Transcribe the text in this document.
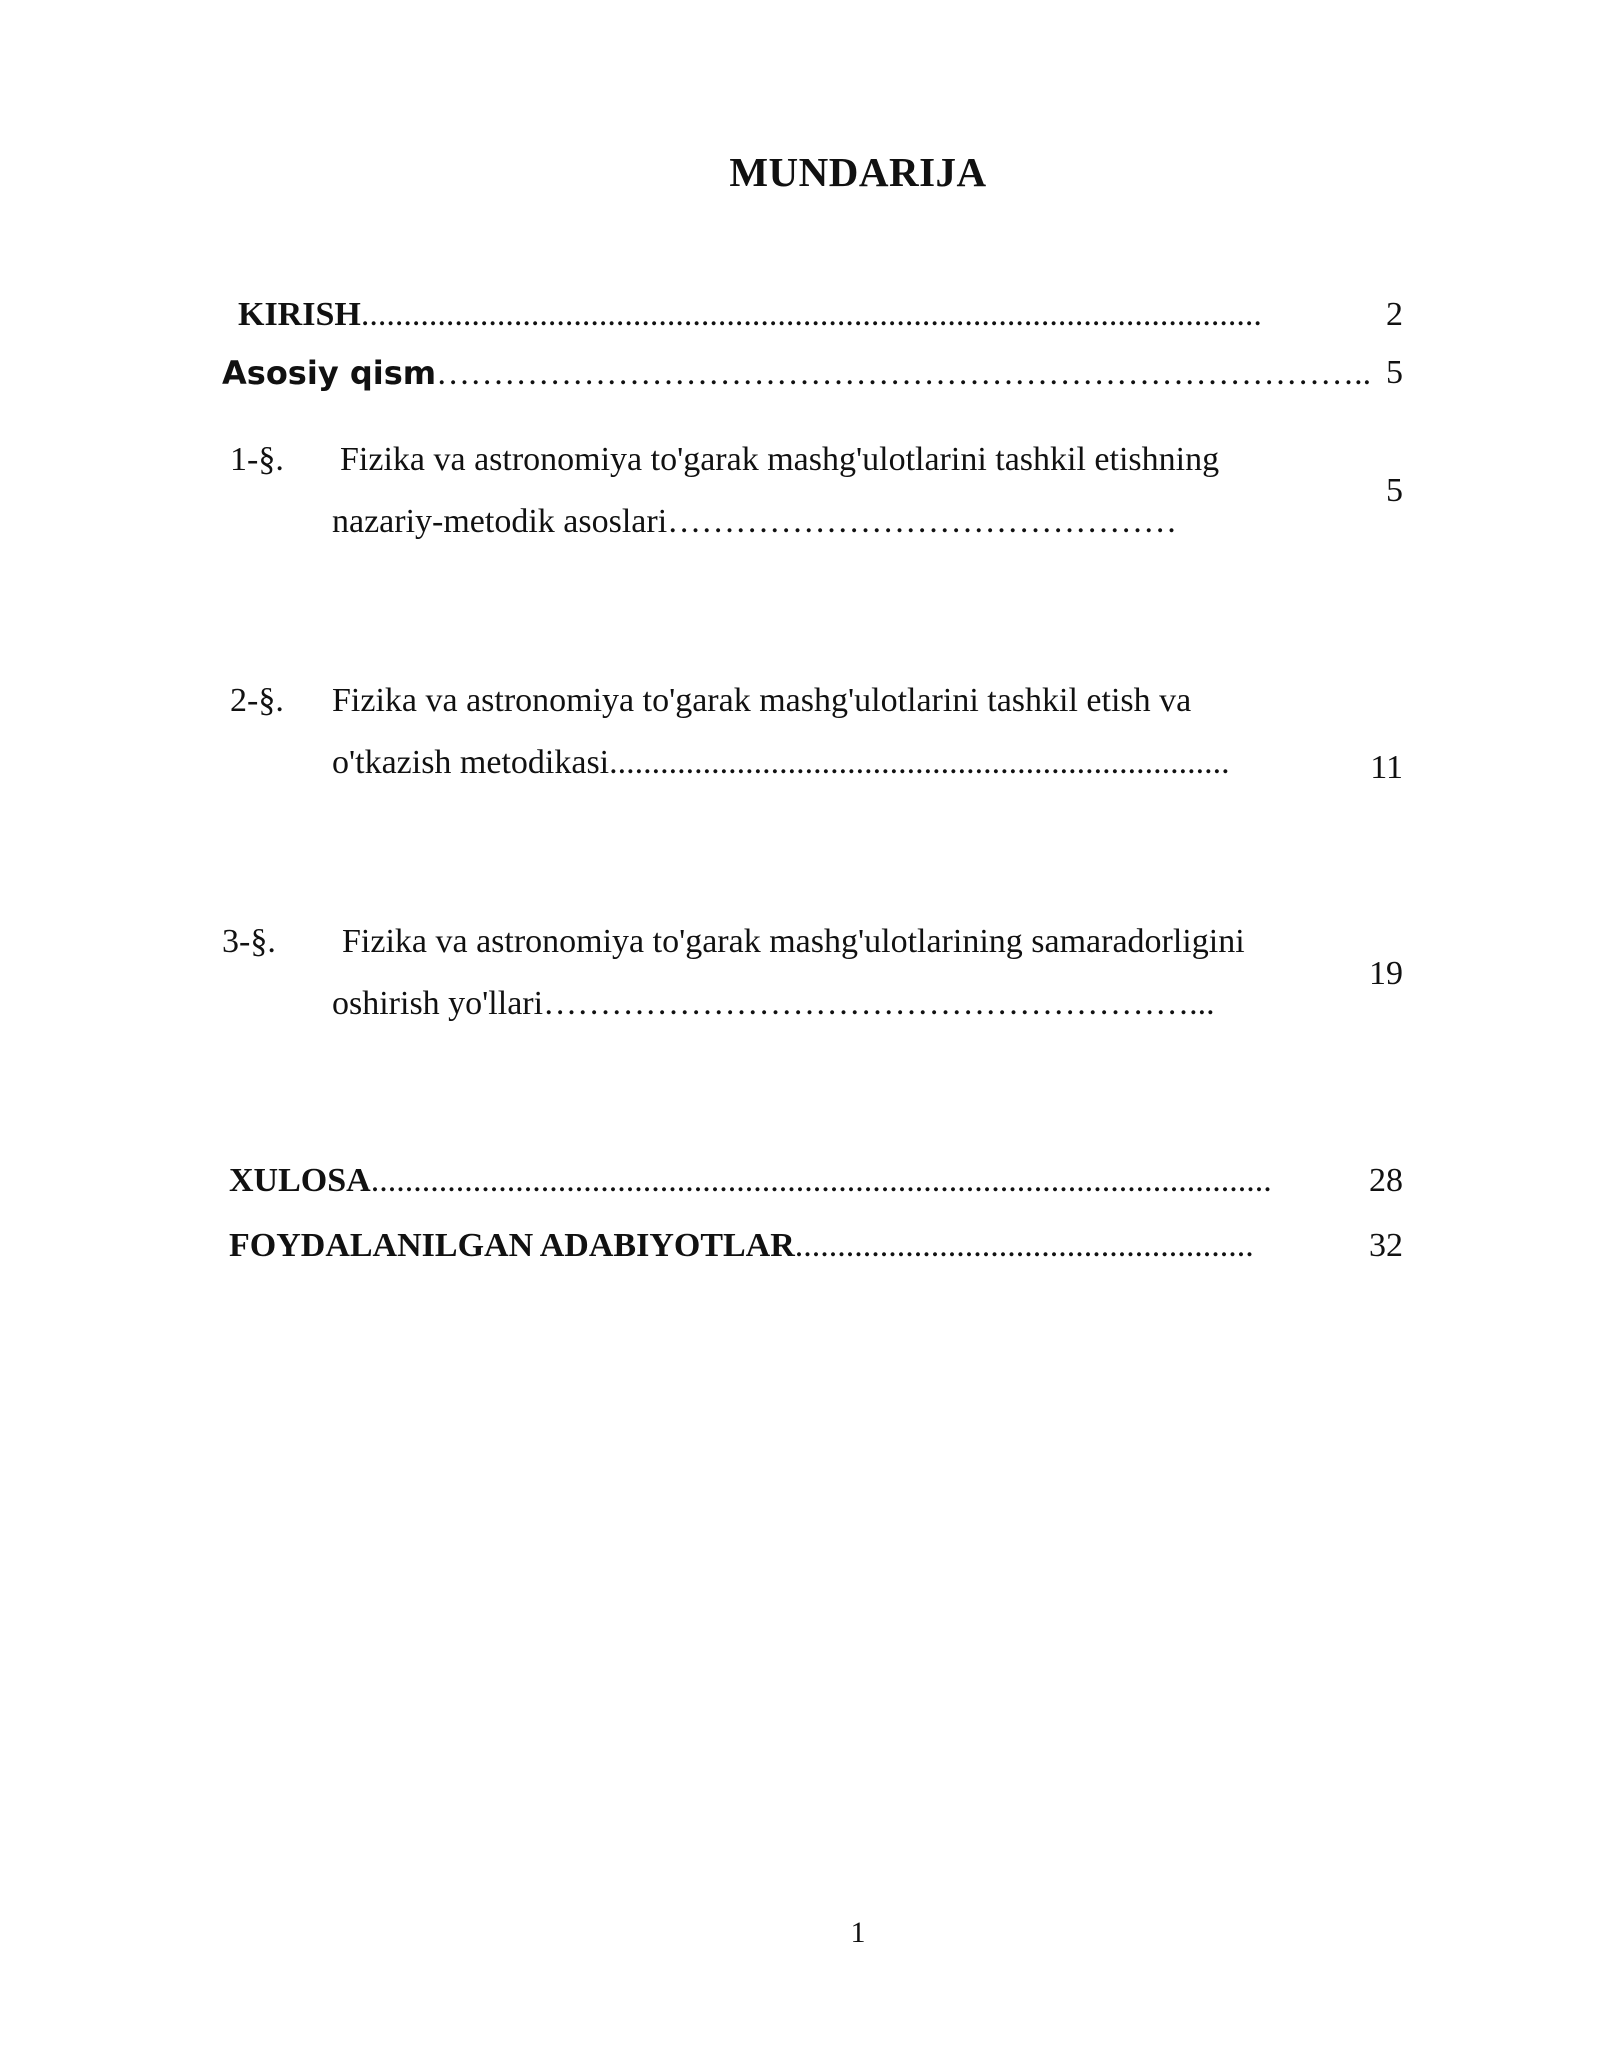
MUNDARIJA
KIRISH..........................................................................................................	2
Asosiy qism……………………………………………………………………….. 5
1-§. Fizika va astronomiya to'garak mashg'ulotlarini tashkil etishning
nazariy-metodik asoslari………………………………………
5
2-§. Fizika va astronomiya to'garak mashg'ulotlarini tashkil etish va
o'tkazish metodikasi.........................................................................	11
3-§. Fizika va astronomiya to'garak mashg'ulotlarining samaradorligini
oshirish yo'llari…………………………………………………...
19
XULOSA..........................................................................................................	28
FOYDALANILGAN ADABIYOTLAR......................................................	32
1
